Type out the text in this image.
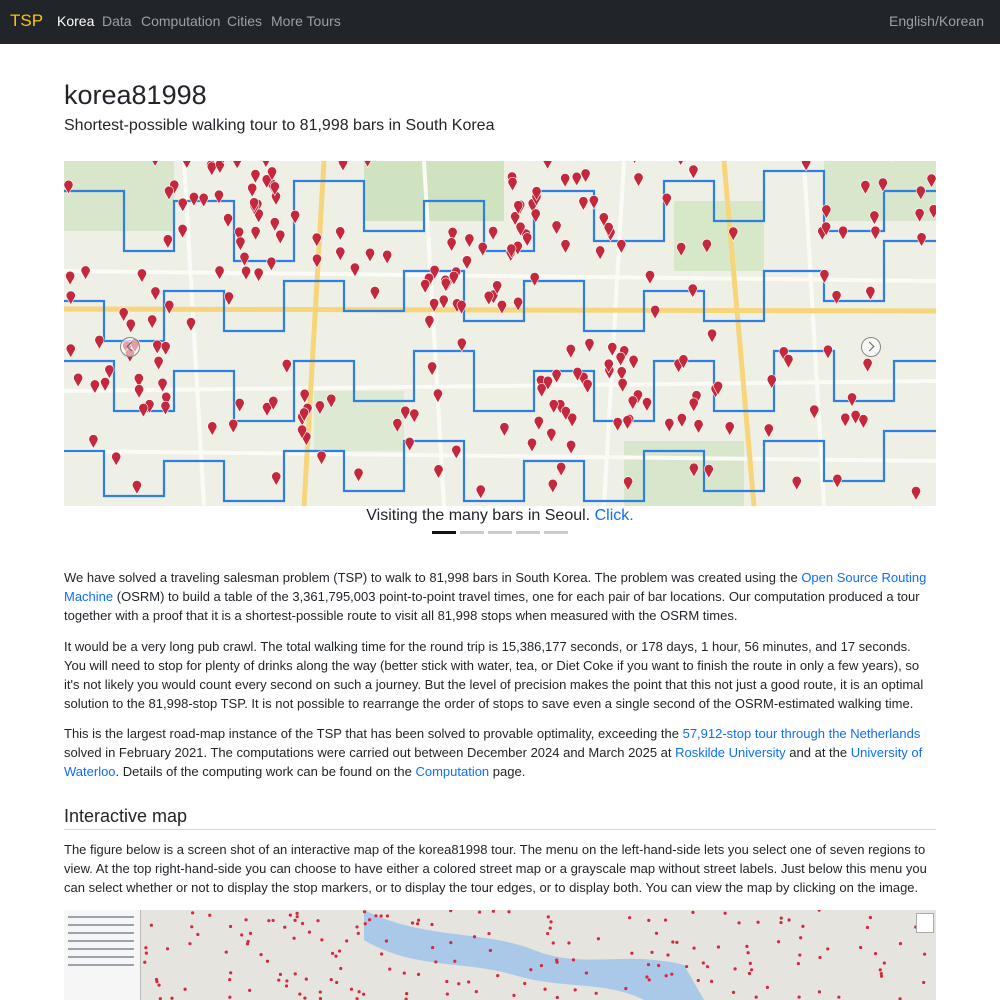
TSP Korea Data Computation Cities More Tours	English/Korean
korea81998
Shortest-possible walking tour to 81,998 bars in South Korea
Visiting the many bars in Seoul. Click.

We have solved a traveling salesman problem (TSP) to walk to 81,998 bars in South Korea. The problem was created using the Open Source Routing Machine (OSRM) to build a table of the 3,361,795,003 point-to-point travel times, one for each pair of bar locations. Our computation produced a tour together with a proof that it is a shortest-possible route to visit all 81,998 stops when measured with the OSRM times.

It would be a very long pub crawl. The total walking time for the round trip is 15,386,177 seconds, or 178 days, 1 hour, 56 minutes, and 17 seconds. You will need to stop for plenty of drinks along the way (better stick with water, tea, or Diet Coke if you want to finish the route in only a few years), so it's not likely you would count every second on such a journey. But the level of precision makes the point that this not just a good route, it is an optimal solution to the 81,998-stop TSP. It is not possible to rearrange the order of stops to save even a single second of the OSRM-estimated walking time.

This is the largest road-map instance of the TSP that has been solved to provable optimality, exceeding the 57,912-stop tour through the Netherlands solved in February 2021. The computations were carried out between December 2024 and March 2025 at Roskilde University and at the University of Waterloo. Details of the computing work can be found on the Computation page.

Interactive map

The figure below is a screen shot of an interactive map of the korea81998 tour. The menu on the left-hand-side lets you select one of seven regions to view. At the top right-hand-side you can choose to have either a colored street map or a grayscale map without street labels. Just below this menu you can select whether or not to display the stop markers, or to display the tour edges, or to display both. You can view the map by clicking on the image.
